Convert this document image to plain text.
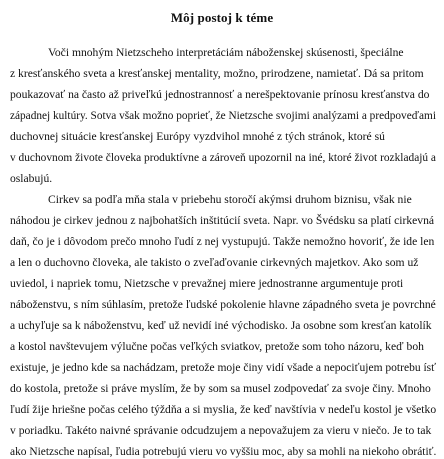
Môj postoj k téme
Voči mnohým Nietzscheho interpretáciám náboženskej skúsenosti, špeciálne
z kresťanského sveta a kresťanskej mentality, možno, prirodzene, namietať. Dá sa pritom
poukazovať na často až priveľkú jednostrannosť a nerešpektovanie prínosu kresťanstva do
západnej kultúry. Sotva však možno poprieť, že Nietzsche svojimi analýzami a predpoveďami
duchovnej situácie kresťanskej Európy vyzdvihol mnohé z tých stránok, ktoré sú
v duchovnom živote človeka produktívne a zároveň upozornil na iné, ktoré život rozkladajú a
oslabujú.
Cirkev sa podľa mňa stala v priebehu storočí akýmsi druhom biznisu, však nie
náhodou je cirkev jednou z najbohatších inštitúcií sveta. Napr. vo Švédsku sa platí cirkevná
daň, čo je i dôvodom prečo mnoho ľudí z nej vystupujú. Takže nemožno hovoriť, že ide len
a len o duchovno človeka, ale takisto o zveľaďovanie cirkevných majetkov. Ako som už
uviedol, i napriek tomu, Nietzsche v prevažnej miere jednostranne argumentuje proti
náboženstvu, s ním súhlasím, pretože ľudské pokolenie hlavne západného sveta je povrchné
a uchyľuje sa k náboženstvu, keď už nevidí iné východisko. Ja osobne som kresťan katolík
a kostol navštevujem výlučne počas veľkých sviatkov, pretože som toho názoru, keď boh
existuje, je jedno kde sa nachádzam, pretože moje činy vidí všade a nepociťujem potrebu ísť
do kostola, pretože si práve myslím, že by som sa musel zodpovedať za svoje činy. Mnoho
ľudí žije hriešne počas celého týždňa a si myslia, že keď navštívia v nedeľu kostol je všetko
v poriadku. Takéto naivné správanie odcudzujem a nepovažujem za vieru v niečo. Je to tak
ako Nietzsche napísal, ľudia potrebujú vieru vo vyššiu moc, aby sa mohli na niekoho obrátiť.
